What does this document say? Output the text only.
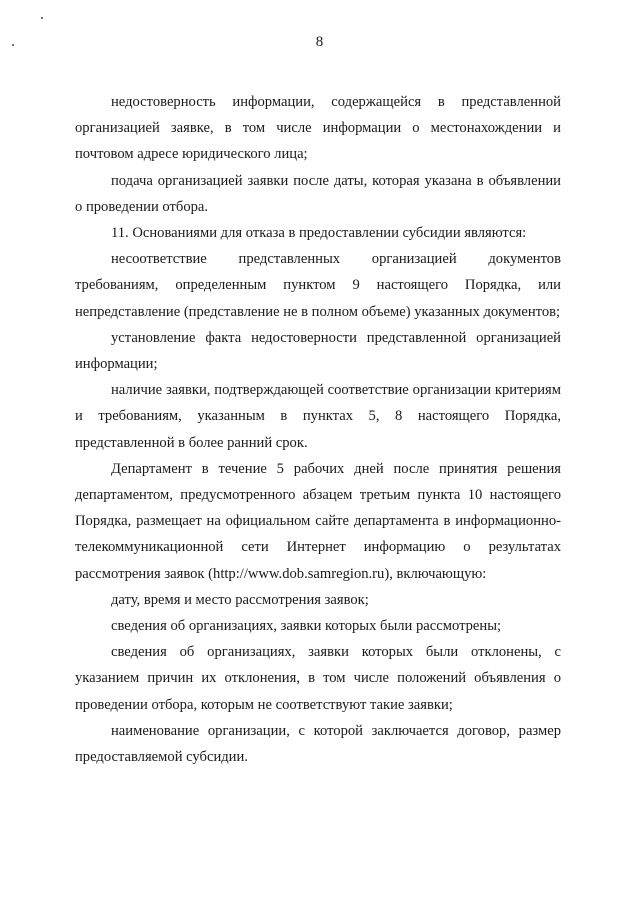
8

недостоверность информации, содержащейся в представленной организацией заявке, в том числе информации о местонахождении и почтовом адресе юридического лица;

подача организацией заявки после даты, которая указана в объявлении о проведении отбора.

11. Основаниями для отказа в предоставлении субсидии являются:

несоответствие представленных организацией документов требованиям, определенным пунктом 9 настоящего Порядка, или непредставление (представление не в полном объеме) указанных документов;

установление факта недостоверности представленной организацией информации;

наличие заявки, подтверждающей соответствие организации критериям и требованиям, указанным в пунктах 5, 8 настоящего Порядка, представленной в более ранний срок.

Департамент в течение 5 рабочих дней после принятия решения департаментом, предусмотренного абзацем третьим пункта 10 настоящего Порядка, размещает на официальном сайте департамента в информационно-телекоммуникационной сети Интернет информацию о результатах рассмотрения заявок (http://www.dob.samregion.ru), включающую:

дату, время и место рассмотрения заявок;

сведения об организациях, заявки которых были рассмотрены;

сведения об организациях, заявки которых были отклонены, с указанием причин их отклонения, в том числе положений объявления о проведении отбора, которым не соответствуют такие заявки;

наименование организации, с которой заключается договор, размер предоставляемой субсидии.
